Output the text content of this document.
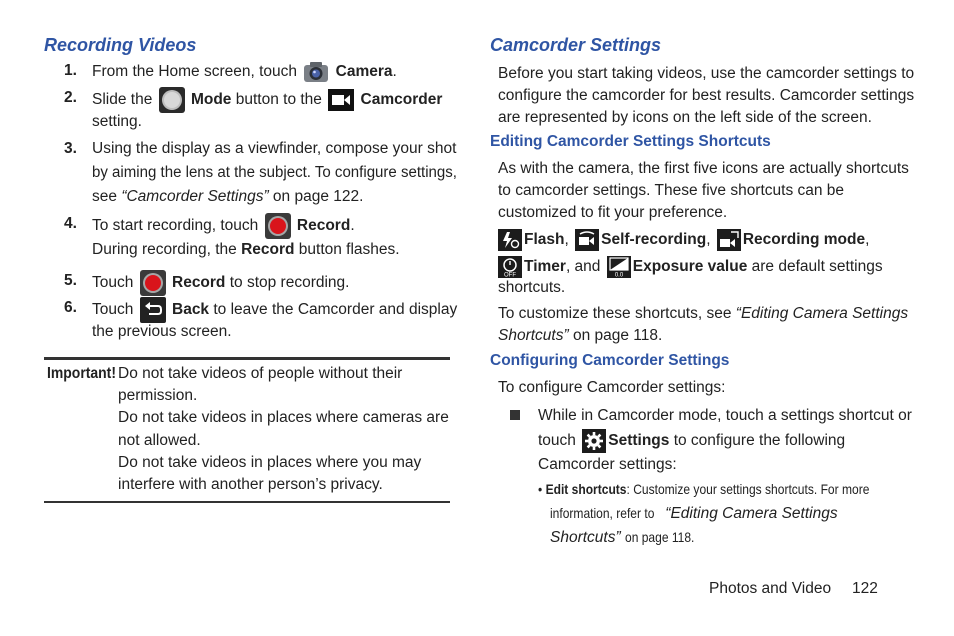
Recording Videos
1. From the Home screen, touch Camera.
2. Slide the Mode button to the Camcorder
setting.
3. Using the display as a viewfinder, compose your shot
by aiming the lens at the subject. To configure settings,
see “Camcorder Settings” on page 122.
4. To start recording, touch Record.
During recording, the Record button flashes.
5. Touch Record to stop recording.
6. Touch Back to leave the Camcorder and display
the previous screen.
Important! Do not take videos of people without their
permission.
Do not take videos in places where cameras are
not allowed.
Do not take videos in places where you may
interfere with another person’s privacy.
Camcorder Settings
Before you start taking videos, use the camcorder settings to
configure the camcorder for best results. Camcorder settings
are represented by icons on the left side of the screen.
Editing Camcorder Settings Shortcuts
As with the camera, the first five icons are actually shortcuts
to camcorder settings. These five shortcuts can be
customized to fit your preference.
Flash, Self-recording, Recording mode,
OFF
Timer, and
0.0
Exposure value are default settings
shortcuts.
To customize these shortcuts, see “Editing Camera Settings
Shortcuts” on page 118.
Configuring Camcorder Settings
To configure Camcorder settings:
While in Camcorder mode, touch a settings shortcut or
touch Settings to configure the following
Camcorder settings:
• Edit shortcuts: Customize your settings shortcuts. For more
information, refer to “Editing Camera Settings
Shortcuts” on page 118.
Photos and Video 122
